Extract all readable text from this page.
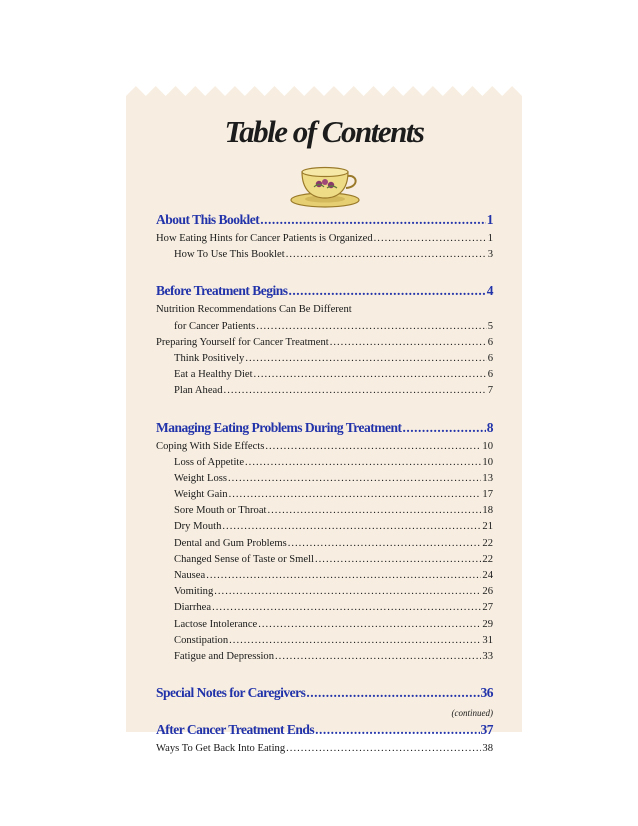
Table of Contents
About This Booklet .....	1
How Eating Hints for Cancer Patients is Organized .....	1
How To Use This Booklet .....	3
Before Treatment Begins .....	4
Nutrition Recommendations Can Be Different
for Cancer Patients .....	5
Preparing Yourself for Cancer Treatment .....	6
Think Positively .....	6
Eat a Healthy Diet .....	6
Plan Ahead .....	7
Managing Eating Problems During Treatment .....	8
Coping With Side Effects .....	10
Loss of Appetite .....	10
Weight Loss .....	13
Weight Gain .....	17
Sore Mouth or Throat .....	18
Dry Mouth .....	21
Dental and Gum Problems .....	22
Changed Sense of Taste or Smell .....	22
Nausea .....	24
Vomiting .....	26
Diarrhea .....	27
Lactose Intolerance .....	29
Constipation .....	31
Fatigue and Depression .....	33
Special Notes for Caregivers .....	36
After Cancer Treatment Ends .....	37
Ways To Get Back Into Eating .....	38
(continued)
